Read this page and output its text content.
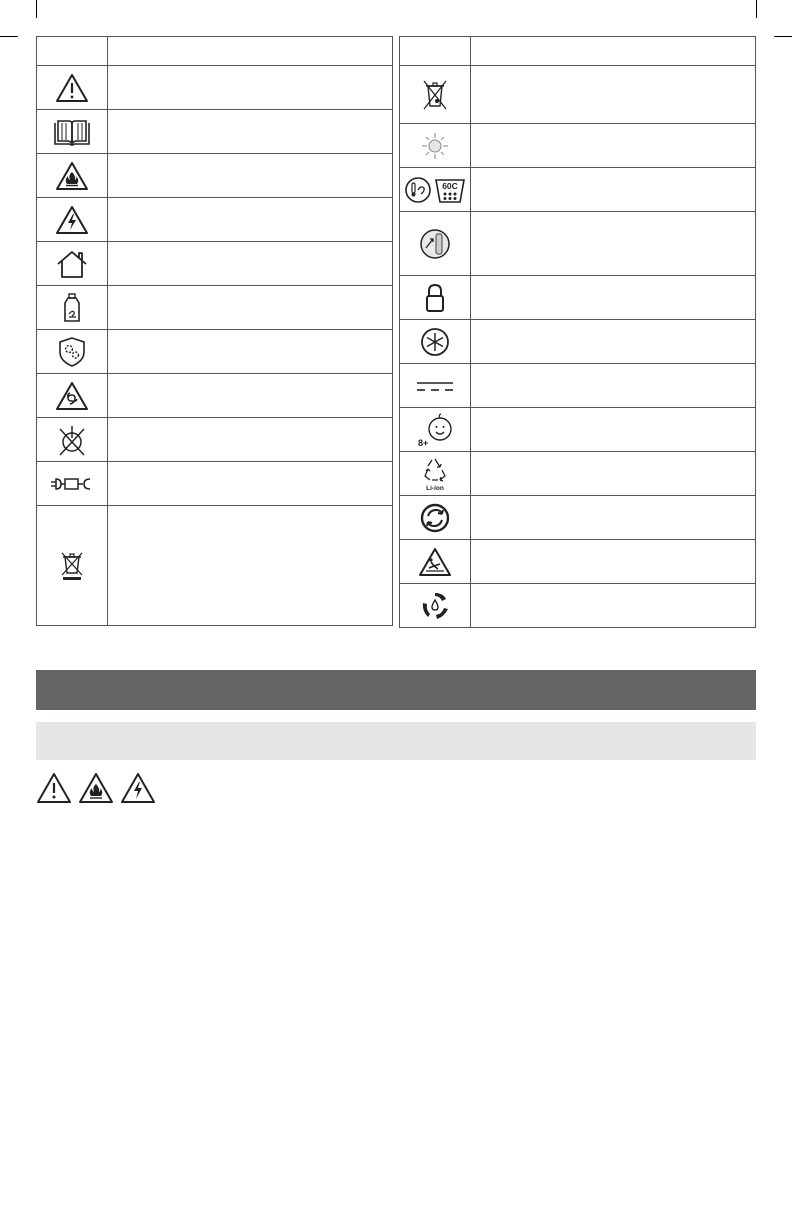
60C	

8+	

Li-ion	
